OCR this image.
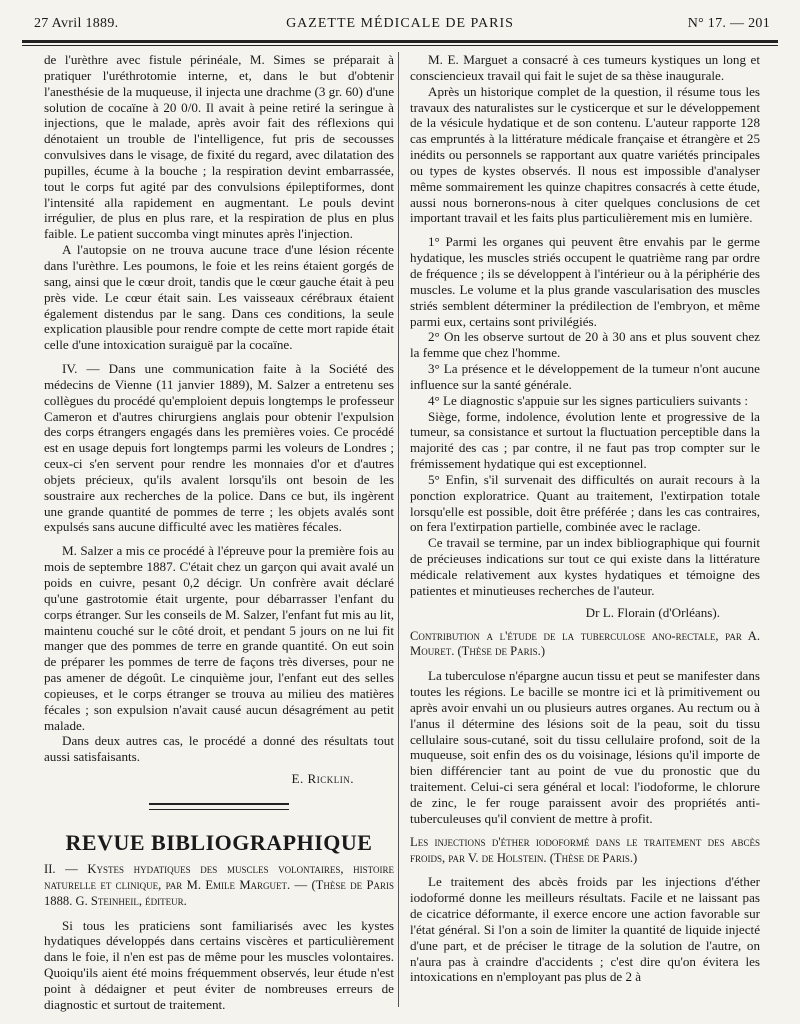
27 Avril 1889.	GAZETTE MÉDICALE DE PARIS	N° 17. — 201

de l'urèthre avec fistule périnéale, M. Simes se préparait à pratiquer l'uréthrotomie interne, et, dans le but d'obtenir l'anesthésie de la muqueuse, il injecta une drachme (3 gr. 60) d'une solution de cocaïne à 20 0/0. Il avait à peine retiré la seringue à injections, que le malade, après avoir fait des réflexions qui dénotaient un trouble de l'intelligence, fut pris de secousses convulsives dans le visage, de fixité du regard, avec dilatation des pupilles, écume à la bouche ; la respiration devint embarrassée, tout le corps fut agité par des convulsions épileptiformes, dont l'intensité alla rapidement en augmentant. Le pouls devint irrégulier, de plus en plus rare, et la respiration de plus en plus faible. Le patient succomba vingt minutes après l'injection.

A l'autopsie on ne trouva aucune trace d'une lésion récente dans l'urèthre. Les poumons, le foie et les reins étaient gorgés de sang, ainsi que le cœur droit, tandis que le cœur gauche était à peu près vide. Le cœur était sain. Les vaisseaux cérébraux étaient également distendus par le sang. Dans ces conditions, la seule explication plausible pour rendre compte de cette mort rapide était celle d'une intoxication suraiguë par la cocaïne.

IV. — Dans une communication faite à la Société des médecins de Vienne (11 janvier 1889), M. Salzer a entretenu ses collègues du procédé qu'emploient depuis longtemps le professeur Cameron et d'autres chirurgiens anglais pour obtenir l'expulsion des corps étrangers engagés dans les premières voies. Ce procédé est en usage depuis fort longtemps parmi les voleurs de Londres ; ceux-ci s'en servent pour rendre les monnaies d'or et d'autres objets précieux, qu'ils avalent lorsqu'ils ont besoin de les soustraire aux recherches de la police. Dans ce but, ils ingèrent une grande quantité de pommes de terre ; les objets avalés sont expulsés sans aucune difficulté avec les matières fécales.

M. Salzer a mis ce procédé à l'épreuve pour la première fois au mois de septembre 1887. C'était chez un garçon qui avait avalé un poids en cuivre, pesant 0,2 décigr. Un confrère avait déclaré qu'une gastrotomie était urgente, pour débarrasser l'enfant du corps étranger. Sur les conseils de M. Salzer, l'enfant fut mis au lit, maintenu couché sur le côté droit, et pendant 5 jours on ne lui fit manger que des pommes de terre en grande quantité. On eut soin de préparer les pommes de terre de façons très diverses, pour ne pas amener de dégoût. Le cinquième jour, l'enfant eut des selles copieuses, et le corps étranger se trouva au milieu des matières fécales ; son expulsion n'avait causé aucun désagrément au petit malade.

Dans deux autres cas, le procédé a donné des résultats tout aussi satisfaisants.

E. Ricklin.
REVUE BIBLIOGRAPHIQUE

II. — Kystes hydatiques des muscles volontaires, histoire naturelle et clinique, par M. Emile Marguet. — (Thèse de Paris 1888. G. Steinheil, éditeur.

Si tous les praticiens sont familiarisés avec les kystes hydatiques développés dans certains viscères et particulièrement dans le foie, il n'en est pas de même pour les muscles volontaires. Quoiqu'ils aient été moins fréquemment observés, leur étude n'est point à dédaigner et peut éviter de nombreuses erreurs de diagnostic et surtout de traitement.

M. E. Marguet a consacré à ces tumeurs kystiques un long et consciencieux travail qui fait le sujet de sa thèse inaugurale.

Après un historique complet de la question, il résume tous les travaux des naturalistes sur le cysticerque et sur le développement de la vésicule hydatique et de son contenu. L'auteur rapporte 128 cas empruntés à la littérature médicale française et étrangère et 25 inédits ou personnels se rapportant aux quatre variétés principales ou types de kystes observés. Il nous est impossible d'analyser même sommairement les quinze chapitres consacrés à cette étude, aussi nous bornerons-nous à citer quelques conclusions de cet important travail et les faits plus particulièrement mis en lumière.

1° Parmi les organes qui peuvent être envahis par le germe hydatique, les muscles striés occupent le quatrième rang par ordre de fréquence ; ils se développent à l'intérieur ou à la périphérie des muscles. Le volume et la plus grande vascularisation des muscles striés semblent déterminer la prédilection de l'embryon, et même parmi eux, certains sont privilégiés.

2° On les observe surtout de 20 à 30 ans et plus souvent chez la femme que chez l'homme.

3° La présence et le développement de la tumeur n'ont aucune influence sur la santé générale.

4° Le diagnostic s'appuie sur les signes particuliers suivants :

Siège, forme, indolence, évolution lente et progressive de la tumeur, sa consistance et surtout la fluctuation perceptible dans la majorité des cas ; par contre, il ne faut pas trop compter sur le frémissement hydatique qui est exceptionnel.

5° Enfin, s'il survenait des difficultés on aurait recours à la ponction exploratrice. Quant au traitement, l'extirpation totale lorsqu'elle est possible, doit être préférée ; dans les cas contraires, on fera l'extirpation partielle, combinée avec le raclage.

Ce travail se termine, par un index bibliographique qui fournit de précieuses indications sur tout ce qui existe dans la littérature médicale relativement aux kystes hydatiques et témoigne des patientes et minutieuses recherches de l'auteur.

Dr L. Florain (d'Orléans).

Contribution a l'étude de la tuberculose ano-rectale, par A. Mouret. (Thèse de Paris.)

La tuberculose n'épargne aucun tissu et peut se manifester dans toutes les régions. Le bacille se montre ici et là primitivement ou après avoir envahi un ou plusieurs autres organes. Au rectum ou à l'anus il détermine des lésions soit de la peau, soit du tissu cellulaire sous-cutané, soit du tissu cellulaire profond, soit de la muqueuse, soit enfin des os du voisinage, lésions qu'il importe de bien différencier tant au point de vue du pronostic que du traitement. Celui-ci sera général et local: l'iodoforme, le chlorure de zinc, le fer rouge paraissent avoir des propriétés anti-tuberculeuses qu'il convient de mettre à profit.

Les injections d'éther iodoformé dans le traitement des abcès froids, par V. de Holstein. (Thèse de Paris.)

Le traitement des abcès froids par les injections d'éther iodoformé donne les meilleurs résultats. Facile et ne laissant pas de cicatrice déformante, il exerce encore une action favorable sur l'état général. Si l'on a soin de limiter la quantité de liquide injecté d'une part, et de préciser le titrage de la solution de l'autre, on n'aura pas à craindre d'accidents ; c'est dire qu'on évitera les intoxications en n'employant pas plus de 2 à
